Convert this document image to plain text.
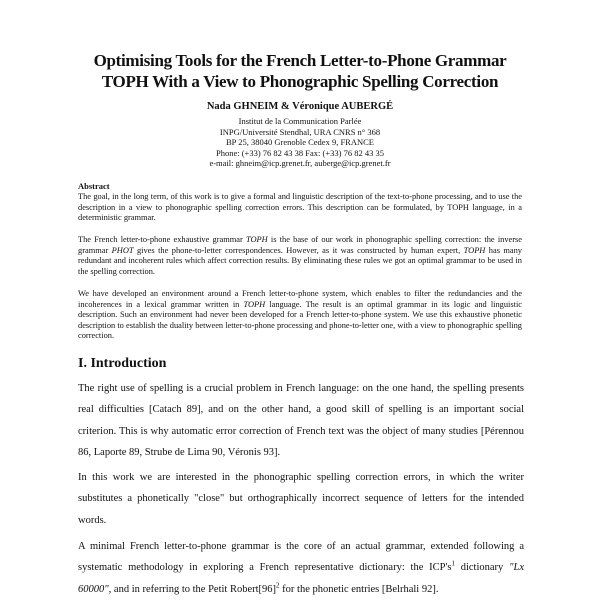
Optimising Tools for the French Letter-to-Phone Grammar
TOPH With a View to Phonographic Spelling Correction
Nada GHNEIM & Véronique AUBERGÉ
Institut de la Communication Parlée
INPG/Université Stendhal, URA CNRS n° 368
BP 25, 38040 Grenoble Cedex 9, FRANCE
Phone: (+33) 76 82 43 38 Fax: (+33) 76 82 43 35
e-mail: ghneim@icp.grenet.fr, auberge@icp.grenet.fr
Abstract

The goal, in the long term, of this work is to give a formal and linguistic description of the text-to-phone processing, and to use the description in a view to phonographic spelling correction errors. This description can be formulated, by TOPH language, in a deterministic grammar.

The French letter-to-phone exhaustive grammar TOPH is the base of our work in phonographic spelling correction: the inverse grammar PHOT gives the phone-to-letter correspondences. However, as it was constructed by human expert, TOPH has many redundant and incoherent rules which affect correction results. By eliminating these rules we got an optimal grammar to be used in the spelling correction.

We have developed an environment around a French letter-to-phone system, which enables to filter the redundancies and the incoherences in a lexical grammar written in TOPH language. The result is an optimal grammar in its logic and linguistic description. Such an environment had never been developed for a French letter-to-phone system. We use this exhaustive phonetic description to establish the duality between letter-to-phone processing and phone-to-letter one, with a view to phonographic spelling correction.

I. Introduction

The right use of spelling is a crucial problem in French language: on the one hand, the spelling presents real difficulties [Catach 89], and on the other hand, a good skill of spelling is an important social criterion. This is why automatic error correction of French text was the object of many studies [Pérennou 86, Laporte 89, Strube de Lima 90, Véronis 93].

In this work we are interested in the phonographic spelling correction errors, in which the writer substitutes a phonetically "close" but orthographically incorrect sequence of letters for the intended words.

A minimal French letter-to-phone grammar is the core of an actual grammar, extended following a systematic methodology in exploring a French representative dictionary: the $ICP's^1$ dictionary "Lx 60000", and in referring to the Petit $Robert[96]^2$ for the phonetic entries [Belrhali 92].
